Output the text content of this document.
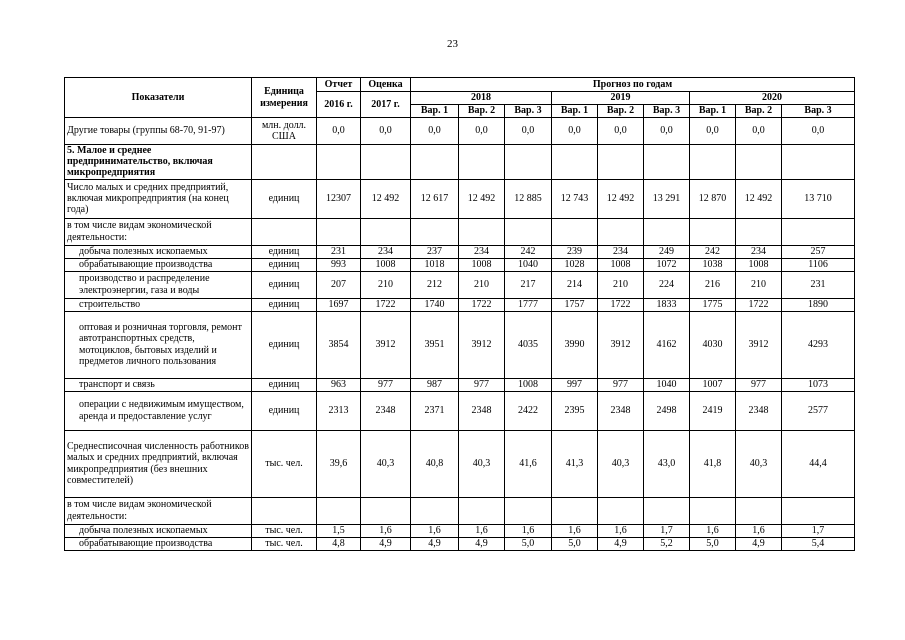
23
Показатели	Единица измерения	Отчет	Оценка	Прогноз по годам								
		2016 г.	2017 г.	2018			2019			2020		
				Вар. 1	Вар. 2	Вар. 3	Вар. 1	Вар. 2	Вар. 3	Вар. 1	Вар. 2	Вар. 3
Другие товары (группы 68-70, 91-97)	млн. долл. США	0,0	0,0	0,0	0,0	0,0	0,0	0,0	0,0	0,0	0,0	0,0
5. Малое и среднее предпринимательство, включая микропредприятия												
Число малых и средних предприятий, включая микропредприятия (на конец года)	единиц	12307	12 492	12 617	12 492	12 885	12 743	12 492	13 291	12 870	12 492	13 710
в том числе видам экономической деятельности:												
добыча полезных ископаемых	единиц	231	234	237	234	242	239	234	249	242	234	257
обрабатывающие производства	единиц	993	1008	1018	1008	1040	1028	1008	1072	1038	1008	1106
производство и распределение электроэнергии, газа и воды	единиц	207	210	212	210	217	214	210	224	216	210	231
строительство	единиц	1697	1722	1740	1722	1777	1757	1722	1833	1775	1722	1890
оптовая и розничная торговля, ремонт автотранспортных средств, мотоциклов, бытовых изделий и предметов личного пользования	единиц	3854	3912	3951	3912	4035	3990	3912	4162	4030	3912	4293
транспорт и связь	единиц	963	977	987	977	1008	997	977	1040	1007	977	1073
операции с недвижимым имуществом, аренда и предоставление услуг	единиц	2313	2348	2371	2348	2422	2395	2348	2498	2419	2348	2577
Среднесписочная численность работников малых и средних предприятий, включая микропредприятия (без внешних совместителей)	тыс. чел.	39,6	40,3	40,8	40,3	41,6	41,3	40,3	43,0	41,8	40,3	44,4
в том числе видам экономической деятельности:												
добыча полезных ископаемых	тыс. чел.	1,5	1,6	1,6	1,6	1,6	1,6	1,6	1,7	1,6	1,6	1,7
обрабатывающие производства	тыс. чел.	4,8	4,9	4,9	4,9	5,0	5,0	4,9	5,2	5,0	4,9	5,4
